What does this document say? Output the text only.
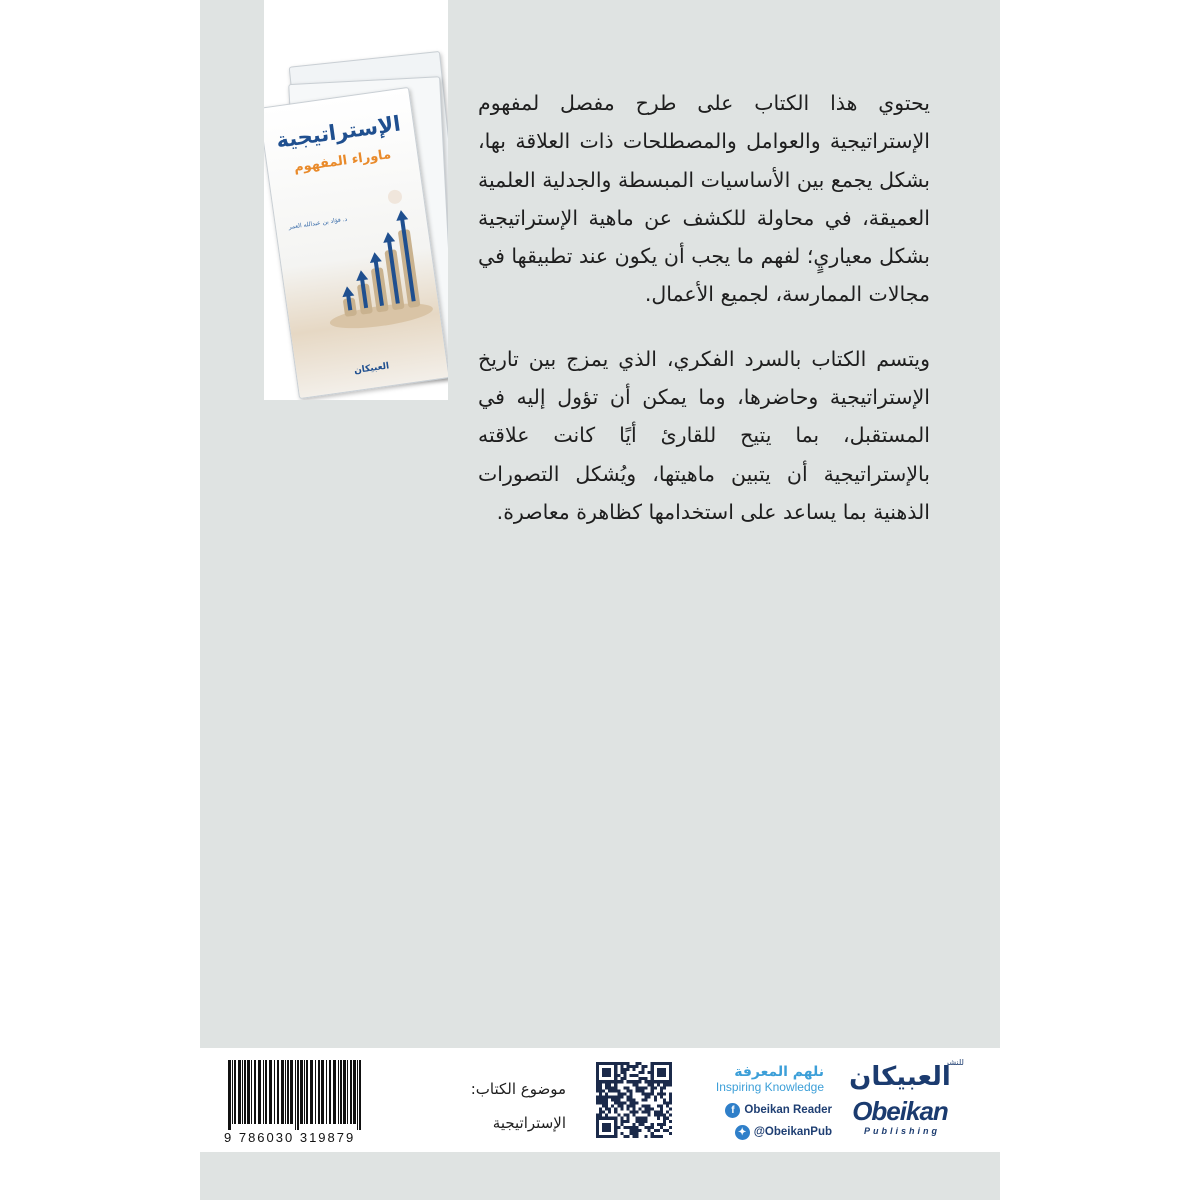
الإستراتيجية
ماوراء المفهوم
د. فؤاد بن عبدالله العمر
العبيكان

يحتوي هذا الكتاب على طرح مفصل لمفهوم الإستراتيجية والعوامل والمصطلحات ذات العلاقة بها، بشكل يجمع بين الأساسيات المبسطة والجدلية العلمية العميقة، في محاولة للكشف عن ماهية الإستراتيجية بشكل معياريٍ؛ لفهم ما يجب أن يكون عند تطبيقها في مجالات الممارسة، لجميع الأعمال.

ويتسم الكتاب بالسرد الفكري، الذي يمزج بين تاريخ الإستراتيجية وحاضرها، وما يمكن أن تؤول إليه في المستقبل، بما يتيح للقارئ أيًا كانت علاقته بالإستراتيجية أن يتبين ماهيتها، ويُشكل التصورات الذهنية بما يساعد على استخدامها كظاهرة معاصرة.

9 786030 319879
موضوع الكتاب:
الإستراتيجية
نلهم المعرفة
Inspiring Knowledge
f Obeikan Reader
✦ @ObeikanPub
للنشر
العبيكان
Obeikan
Publishing
